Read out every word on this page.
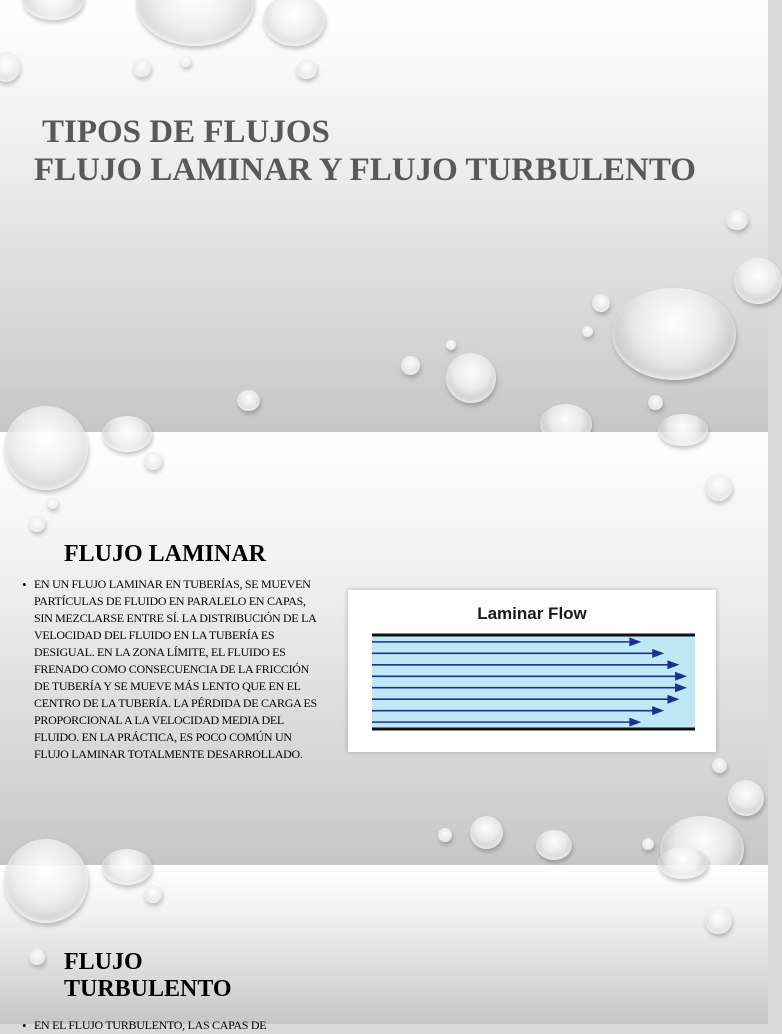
TIPOS DE FLUJOS
FLUJO LAMINAR Y FLUJO TURBULENTO
FLUJO LAMINAR
• EN UN FLUJO LAMINAR EN TUBERÍAS, SE MUEVEN PARTÍCULAS DE FLUIDO EN PARALELO EN CAPAS, SIN MEZCLARSE ENTRE SÍ. LA DISTRIBUCIÓN DE LA VELOCIDAD DEL FLUIDO EN LA TUBERÍA ES DESIGUAL. EN LA ZONA LÍMITE, EL FLUIDO ES FRENADO COMO CONSECUENCIA DE LA FRICCIÓN DE TUBERÍA Y SE MUEVE MÁS LENTO QUE EN EL CENTRO DE LA TUBERÍA. LA PÉRDIDA DE CARGA ES PROPORCIONAL A LA VELOCIDAD MEDIA DEL FLUIDO. EN LA PRÁCTICA, ES POCO COMÚN UN FLUJO LAMINAR TOTALMENTE DESARROLLADO.

Laminar Flow
FLUJO
TURBULENTO
• EN EL FLUJO TURBULENTO, LAS CAPAS DE
